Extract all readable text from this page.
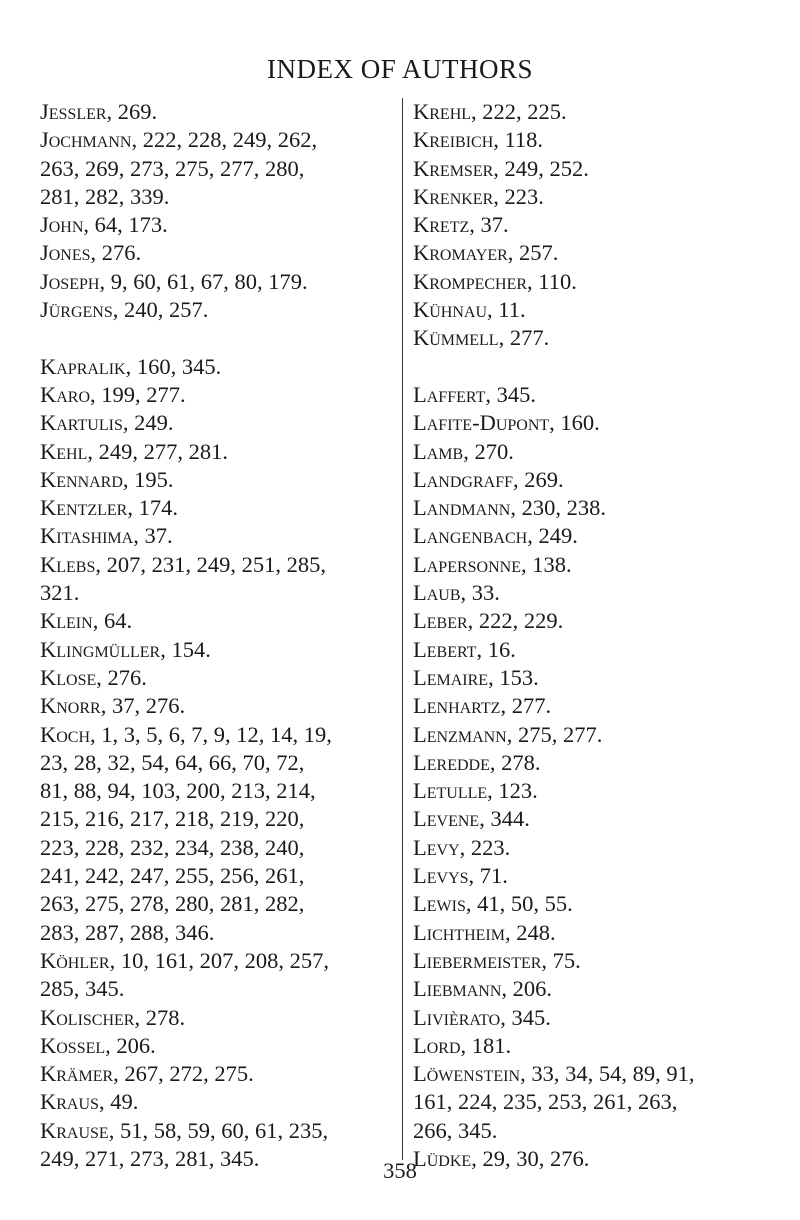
INDEX OF AUTHORS
Jessler, 269.
Jochmann, 222, 228, 249, 262,
263, 269, 273, 275, 277, 280,
281, 282, 339.
John, 64, 173.
Jones, 276.
Joseph, 9, 60, 61, 67, 80, 179.
Jürgens, 240, 257.
Kapralik, 160, 345.
Karo, 199, 277.
Kartulis, 249.
Kehl, 249, 277, 281.
Kennard, 195.
Kentzler, 174.
Kitashima, 37.
Klebs, 207, 231, 249, 251, 285,
321.
Klein, 64.
Klingmüller, 154.
Klose, 276.
Knorr, 37, 276.
Koch, 1, 3, 5, 6, 7, 9, 12, 14, 19,
23, 28, 32, 54, 64, 66, 70, 72,
81, 88, 94, 103, 200, 213, 214,
215, 216, 217, 218, 219, 220,
223, 228, 232, 234, 238, 240,
241, 242, 247, 255, 256, 261,
263, 275, 278, 280, 281, 282,
283, 287, 288, 346.
Köhler, 10, 161, 207, 208, 257,
285, 345.
Kolischer, 278.
Kossel, 206.
Krämer, 267, 272, 275.
Kraus, 49.
Krause, 51, 58, 59, 60, 61, 235,
249, 271, 273, 281, 345.
Krehl, 222, 225.
Kreibich, 118.
Kremser, 249, 252.
Krenker, 223.
Kretz, 37.
Kromayer, 257.
Krompecher, 110.
Kühnau, 11.
Kümmell, 277.
Laffert, 345.
Lafite-Dupont, 160.
Lamb, 270.
Landgraff, 269.
Landmann, 230, 238.
Langenbach, 249.
Lapersonne, 138.
Laub, 33.
Leber, 222, 229.
Lebert, 16.
Lemaire, 153.
Lenhartz, 277.
Lenzmann, 275, 277.
Leredde, 278.
Letulle, 123.
Levene, 344.
Levy, 223.
Levys, 71.
Lewis, 41, 50, 55.
Lichtheim, 248.
Liebermeister, 75.
Liebmann, 206.
Livièrato, 345.
Lord, 181.
Löwenstein, 33, 34, 54, 89, 91,
161, 224, 235, 253, 261, 263,
266, 345.
Lüdke, 29, 30, 276.
358
